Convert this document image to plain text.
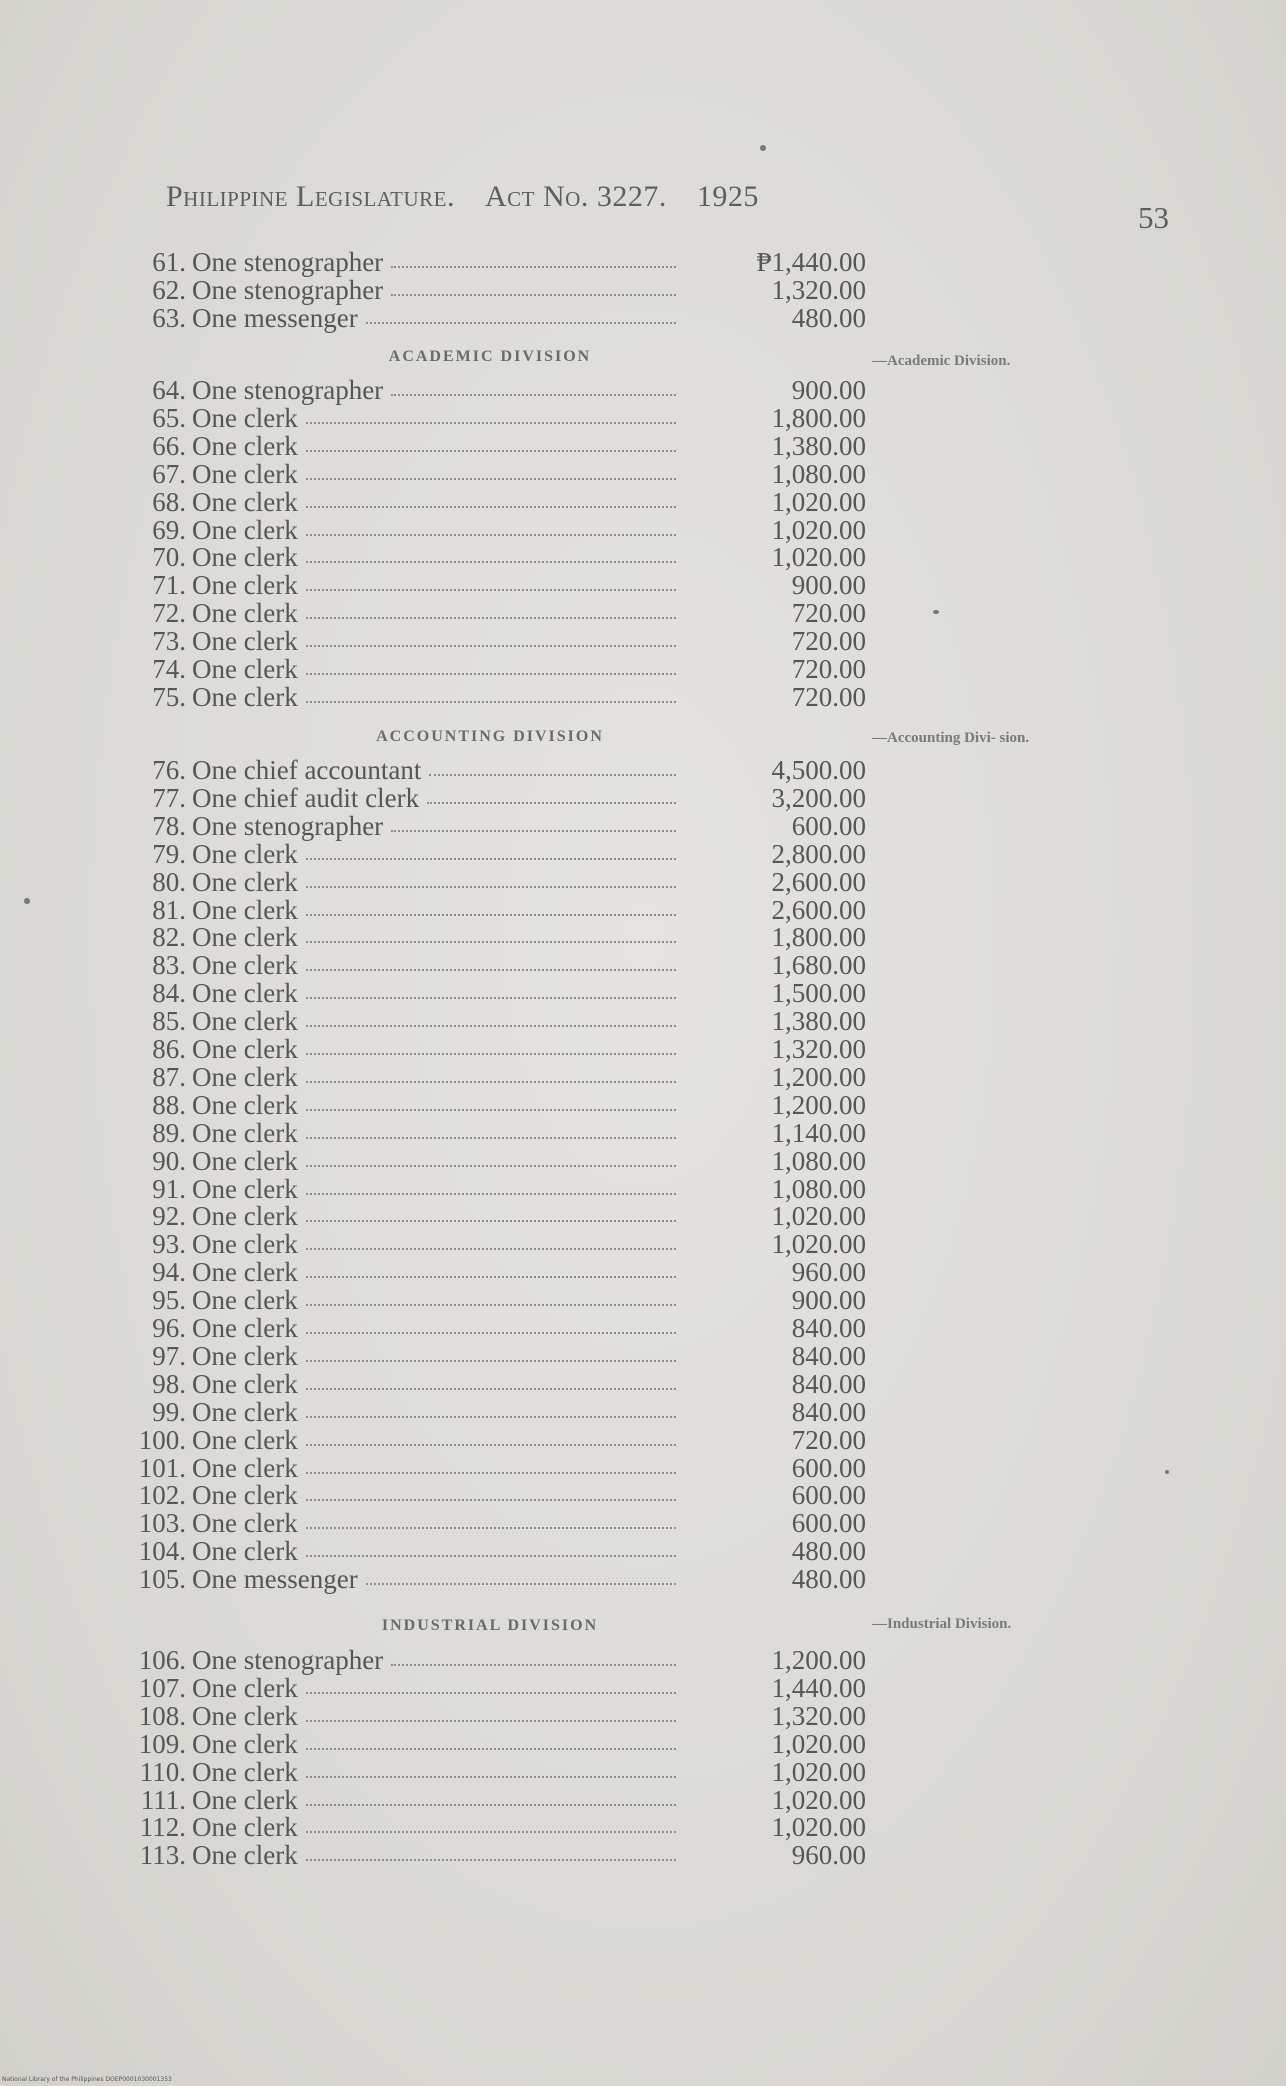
Philippine Legislature. Act No. 3227. 1925
53
61. One stenographer	₱1,440.00
62. One stenographer	1,320.00
63. One messenger	480.00
ACADEMIC DIVISION	—Academic Division.
64. One stenographer	900.00
65. One clerk	1,800.00
66. One clerk	1,380.00
67. One clerk	1,080.00
68. One clerk	1,020.00
69. One clerk	1,020.00
70. One clerk	1,020.00
71. One clerk	900.00
72. One clerk	720.00
73. One clerk	720.00
74. One clerk	720.00
75. One clerk	720.00
ACCOUNTING DIVISION	—Accounting Divi- sion.
76. One chief accountant	4,500.00
77. One chief audit clerk	3,200.00
78. One stenographer	600.00
79. One clerk	2,800.00
80. One clerk	2,600.00
81. One clerk	2,600.00
82. One clerk	1,800.00
83. One clerk	1,680.00
84. One clerk	1,500.00
85. One clerk	1,380.00
86. One clerk	1,320.00
87. One clerk	1,200.00
88. One clerk	1,200.00
89. One clerk	1,140.00
90. One clerk	1,080.00
91. One clerk	1,080.00
92. One clerk	1,020.00
93. One clerk	1,020.00
94. One clerk	960.00
95. One clerk	900.00
96. One clerk	840.00
97. One clerk	840.00
98. One clerk	840.00
99. One clerk	840.00
100. One clerk	720.00
101. One clerk	600.00
102. One clerk	600.00
103. One clerk	600.00
104. One clerk	480.00
105. One messenger	480.00
INDUSTRIAL DIVISION	—Industrial Division.
106. One stenographer	1,200.00
107. One clerk	1,440.00
108. One clerk	1,320.00
109. One clerk	1,020.00
110. One clerk	1,020.00
111. One clerk	1,020.00
112. One clerk	1,020.00
113. One clerk	960.00
National Library of the Philippines DOEP0001030001353
